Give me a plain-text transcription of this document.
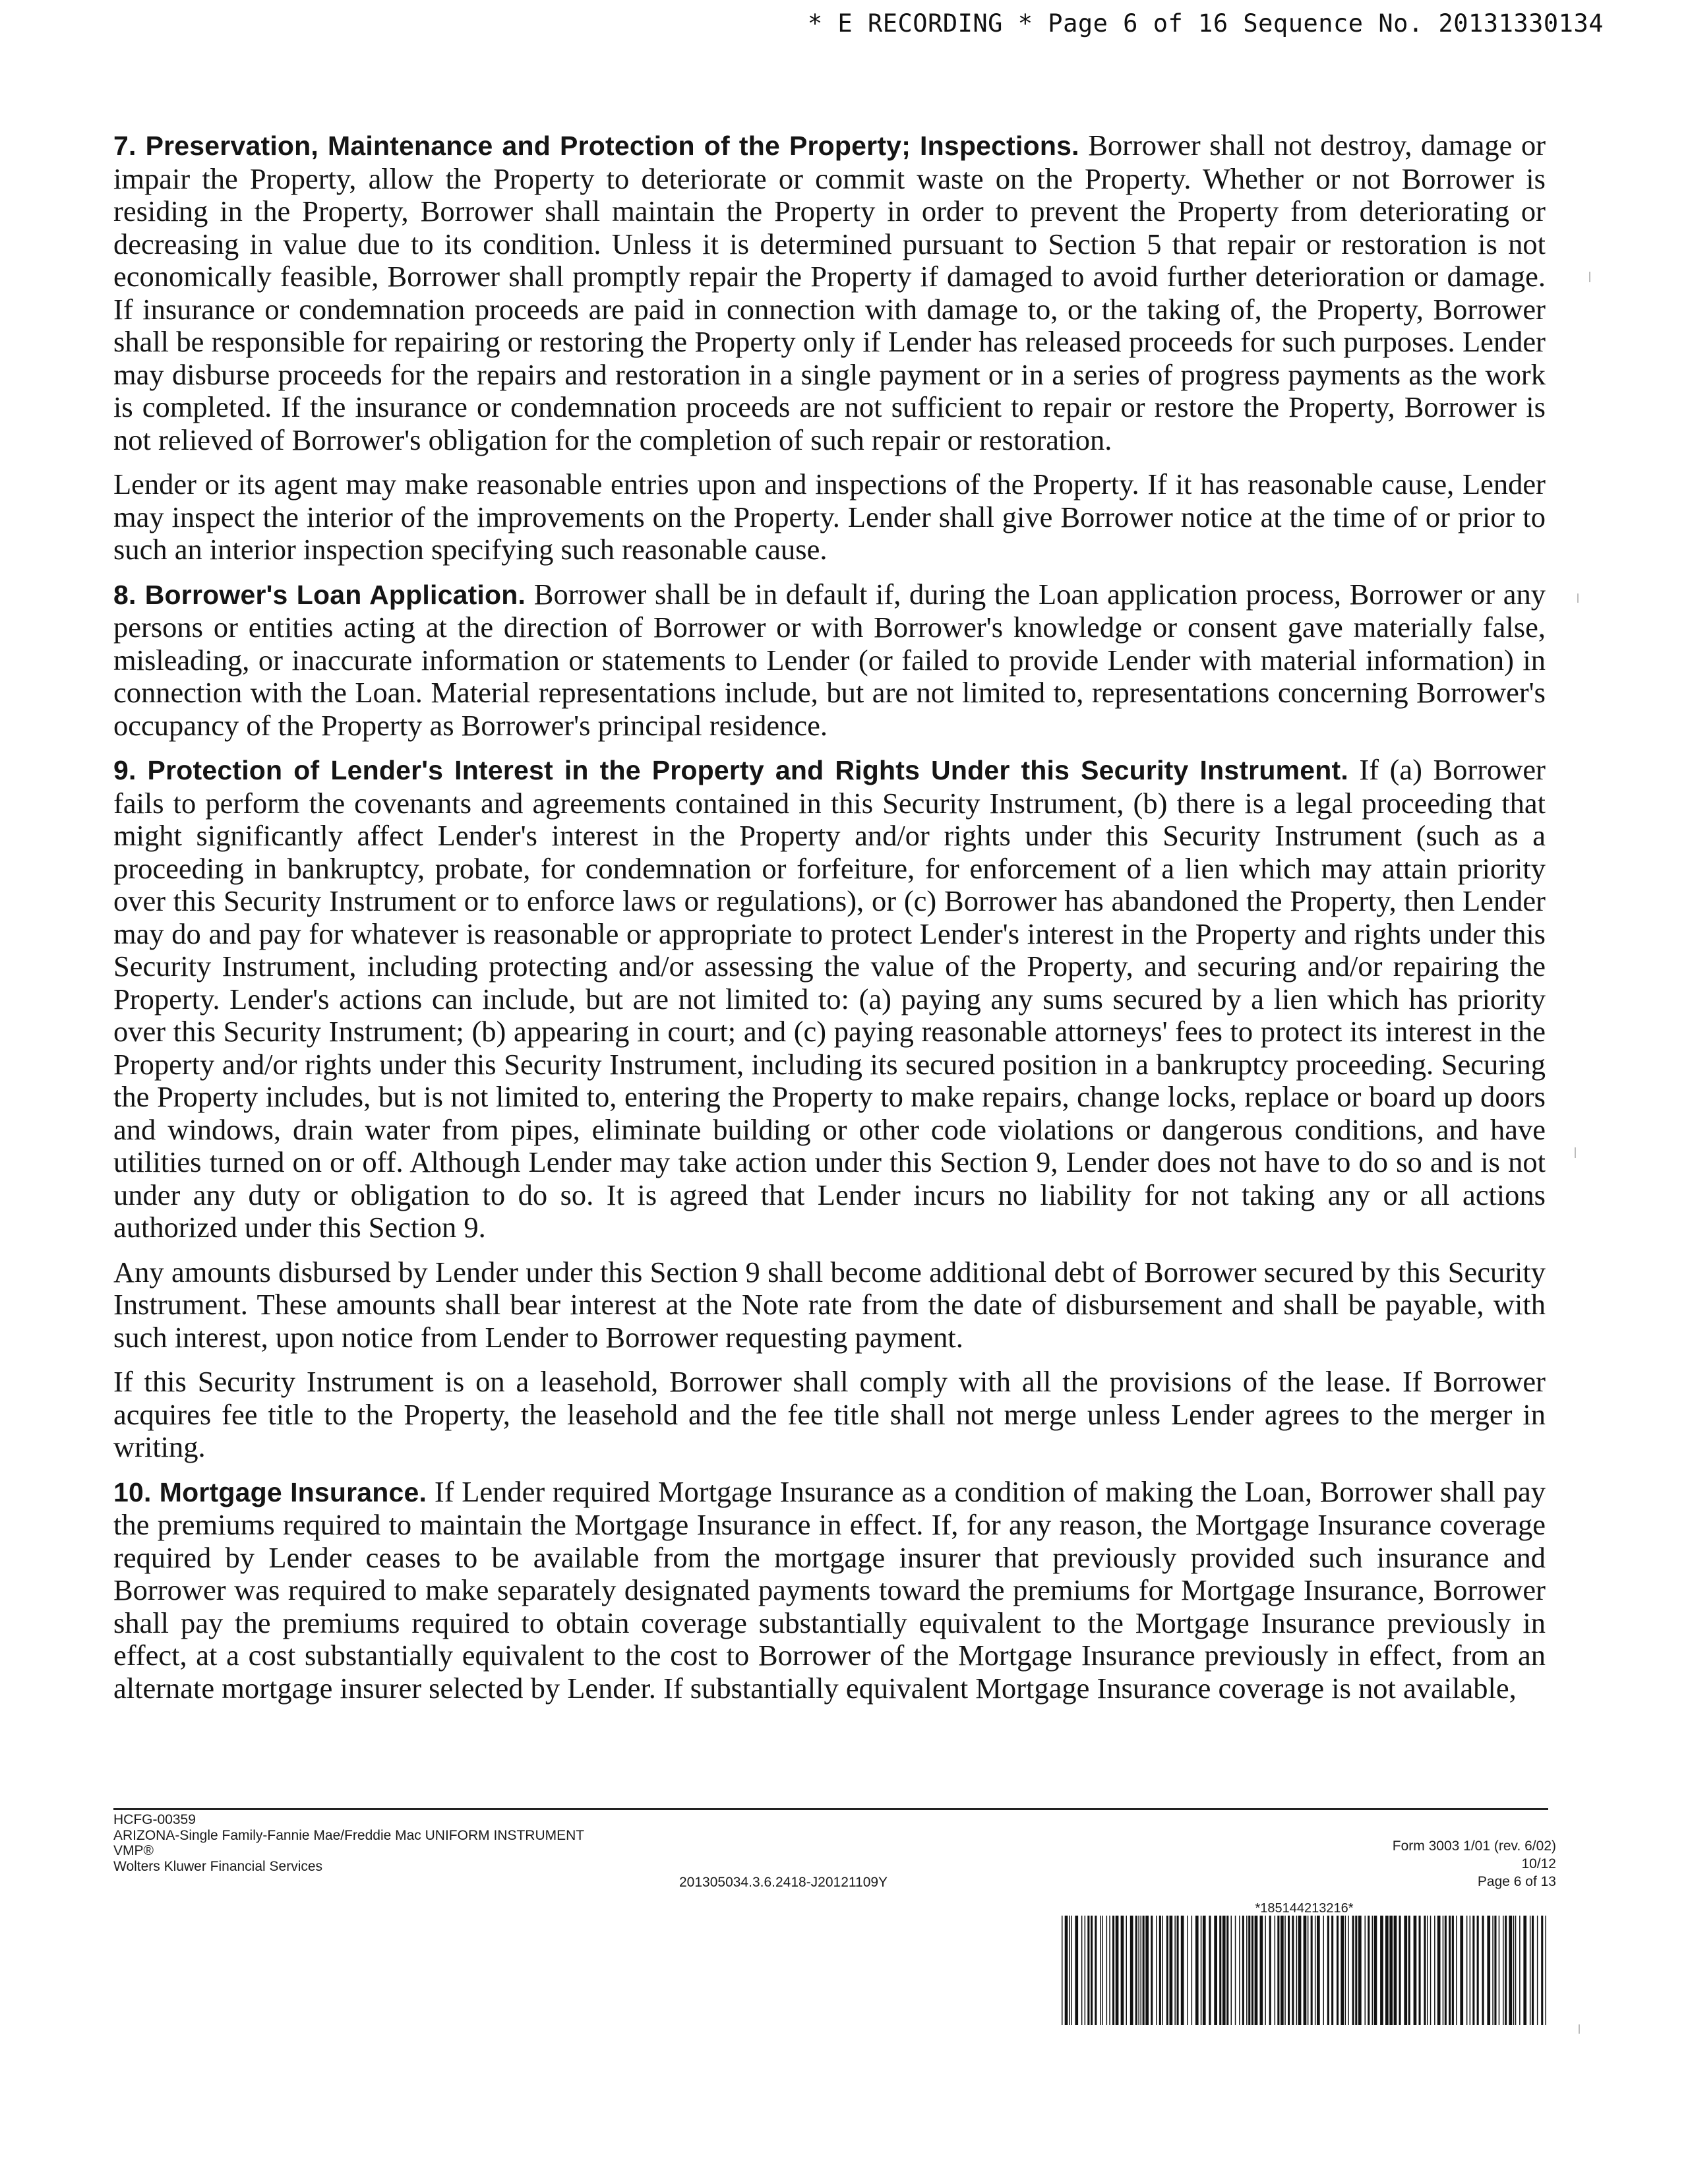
* E RECORDING * Page 6 of 16 Sequence No. 20131330134

7. Preservation, Maintenance and Protection of the Property; Inspections. Borrower shall not destroy, damage or impair the Property, allow the Property to deteriorate or commit waste on the Property. Whether or not Borrower is residing in the Property, Borrower shall maintain the Property in order to prevent the Property from deteriorating or decreasing in value due to its condition. Unless it is determined pursuant to Section 5 that repair or restoration is not economically feasible, Borrower shall promptly repair the Property if damaged to avoid further deterioration or damage. If insurance or condemnation proceeds are paid in connection with damage to, or the taking of, the Property, Borrower shall be responsible for repairing or restoring the Property only if Lender has released proceeds for such purposes. Lender may disburse proceeds for the repairs and restoration in a single payment or in a series of progress payments as the work is completed. If the insurance or condemnation proceeds are not sufficient to repair or restore the Property, Borrower is not relieved of Borrower's obligation for the completion of such repair or restoration.

Lender or its agent may make reasonable entries upon and inspections of the Property. If it has reasonable cause, Lender may inspect the interior of the improvements on the Property. Lender shall give Borrower notice at the time of or prior to such an interior inspection specifying such reasonable cause.

8. Borrower's Loan Application. Borrower shall be in default if, during the Loan application process, Borrower or any persons or entities acting at the direction of Borrower or with Borrower's knowledge or consent gave materially false, misleading, or inaccurate information or statements to Lender (or failed to provide Lender with material information) in connection with the Loan. Material representations include, but are not limited to, representations concerning Borrower's occupancy of the Property as Borrower's principal residence.

9. Protection of Lender's Interest in the Property and Rights Under this Security Instrument. If (a) Borrower fails to perform the covenants and agreements contained in this Security Instrument, (b) there is a legal proceeding that might significantly affect Lender's interest in the Property and/or rights under this Security Instrument (such as a proceeding in bankruptcy, probate, for condemnation or forfeiture, for enforcement of a lien which may attain priority over this Security Instrument or to enforce laws or regulations), or (c) Borrower has abandoned the Property, then Lender may do and pay for whatever is reasonable or appropriate to protect Lender's interest in the Property and rights under this Security Instrument, including protecting and/or assessing the value of the Property, and securing and/or repairing the Property. Lender's actions can include, but are not limited to: (a) paying any sums secured by a lien which has priority over this Security Instrument; (b) appearing in court; and (c) paying reasonable attorneys' fees to protect its interest in the Property and/or rights under this Security Instrument, including its secured position in a bankruptcy proceeding. Securing the Property includes, but is not limited to, entering the Property to make repairs, change locks, replace or board up doors and windows, drain water from pipes, eliminate building or other code violations or dangerous conditions, and have utilities turned on or off. Although Lender may take action under this Section 9, Lender does not have to do so and is not under any duty or obligation to do so. It is agreed that Lender incurs no liability for not taking any or all actions authorized under this Section 9.

Any amounts disbursed by Lender under this Section 9 shall become additional debt of Borrower secured by this Security Instrument. These amounts shall bear interest at the Note rate from the date of disbursement and shall be payable, with such interest, upon notice from Lender to Borrower requesting payment.

If this Security Instrument is on a leasehold, Borrower shall comply with all the provisions of the lease. If Borrower acquires fee title to the Property, the leasehold and the fee title shall not merge unless Lender agrees to the merger in writing.

10. Mortgage Insurance. If Lender required Mortgage Insurance as a condition of making the Loan, Borrower shall pay the premiums required to maintain the Mortgage Insurance in effect. If, for any reason, the Mortgage Insurance coverage required by Lender ceases to be available from the mortgage insurer that previously provided such insurance and Borrower was required to make separately designated payments toward the premiums for Mortgage Insurance, Borrower shall pay the premiums required to obtain coverage substantially equivalent to the Mortgage Insurance previously in effect, at a cost substantially equivalent to the cost to Borrower of the Mortgage Insurance previously in effect, from an alternate mortgage insurer selected by Lender. If substantially equivalent Mortgage Insurance coverage is not available,

HCFG-00359
ARIZONA-Single Family-Fannie Mae/Freddie Mac UNIFORM INSTRUMENT
VMP®
Wolters Kluwer Financial Services
201305034.3.6.2418-J20121109Y
Form 3003 1/01 (rev. 6/02)
10/12
Page 6 of 13
*185144213216*
